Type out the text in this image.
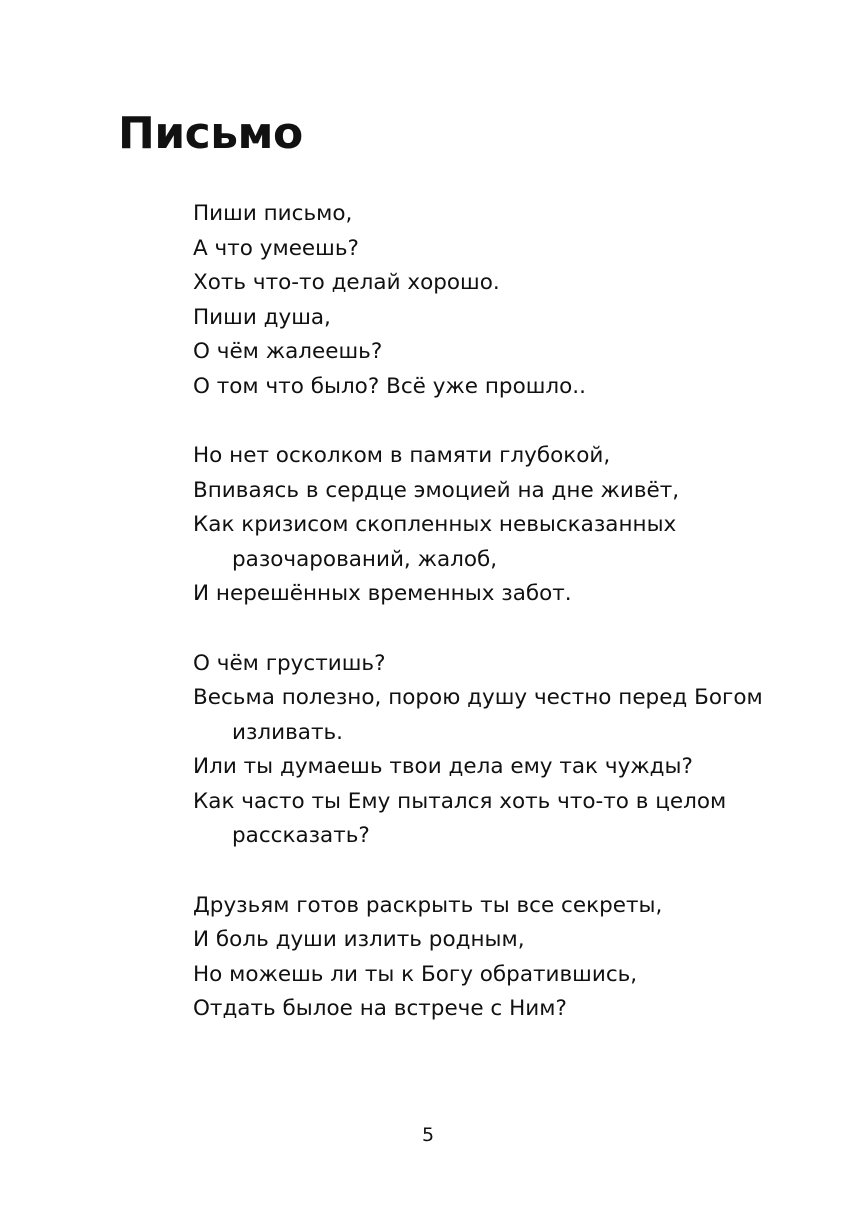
Письмо
Пиши письмо,
А что умеешь?
Хоть что-то делай хорошо.
Пиши душа,
О чём жалеешь?
О том что было? Всё уже прошло..
Но нет осколком в памяти глубокой,
Впиваясь в сердце эмоцией на дне живёт,
Как кризисом скопленных невысказанных
разочарований, жалоб,
И нерешённых временных забот.
О чём грустишь?
Весьма полезно, порою душу честно перед Богом
изливать.
Или ты думаешь твои дела ему так чужды?
Как часто ты Ему пытался хоть что-то в целом
рассказать?
Друзьям готов раскрыть ты все секреты,
И боль души излить родным,
Но можешь ли ты к Богу обратившись,
Отдать былое на встрече с Ним?
5
